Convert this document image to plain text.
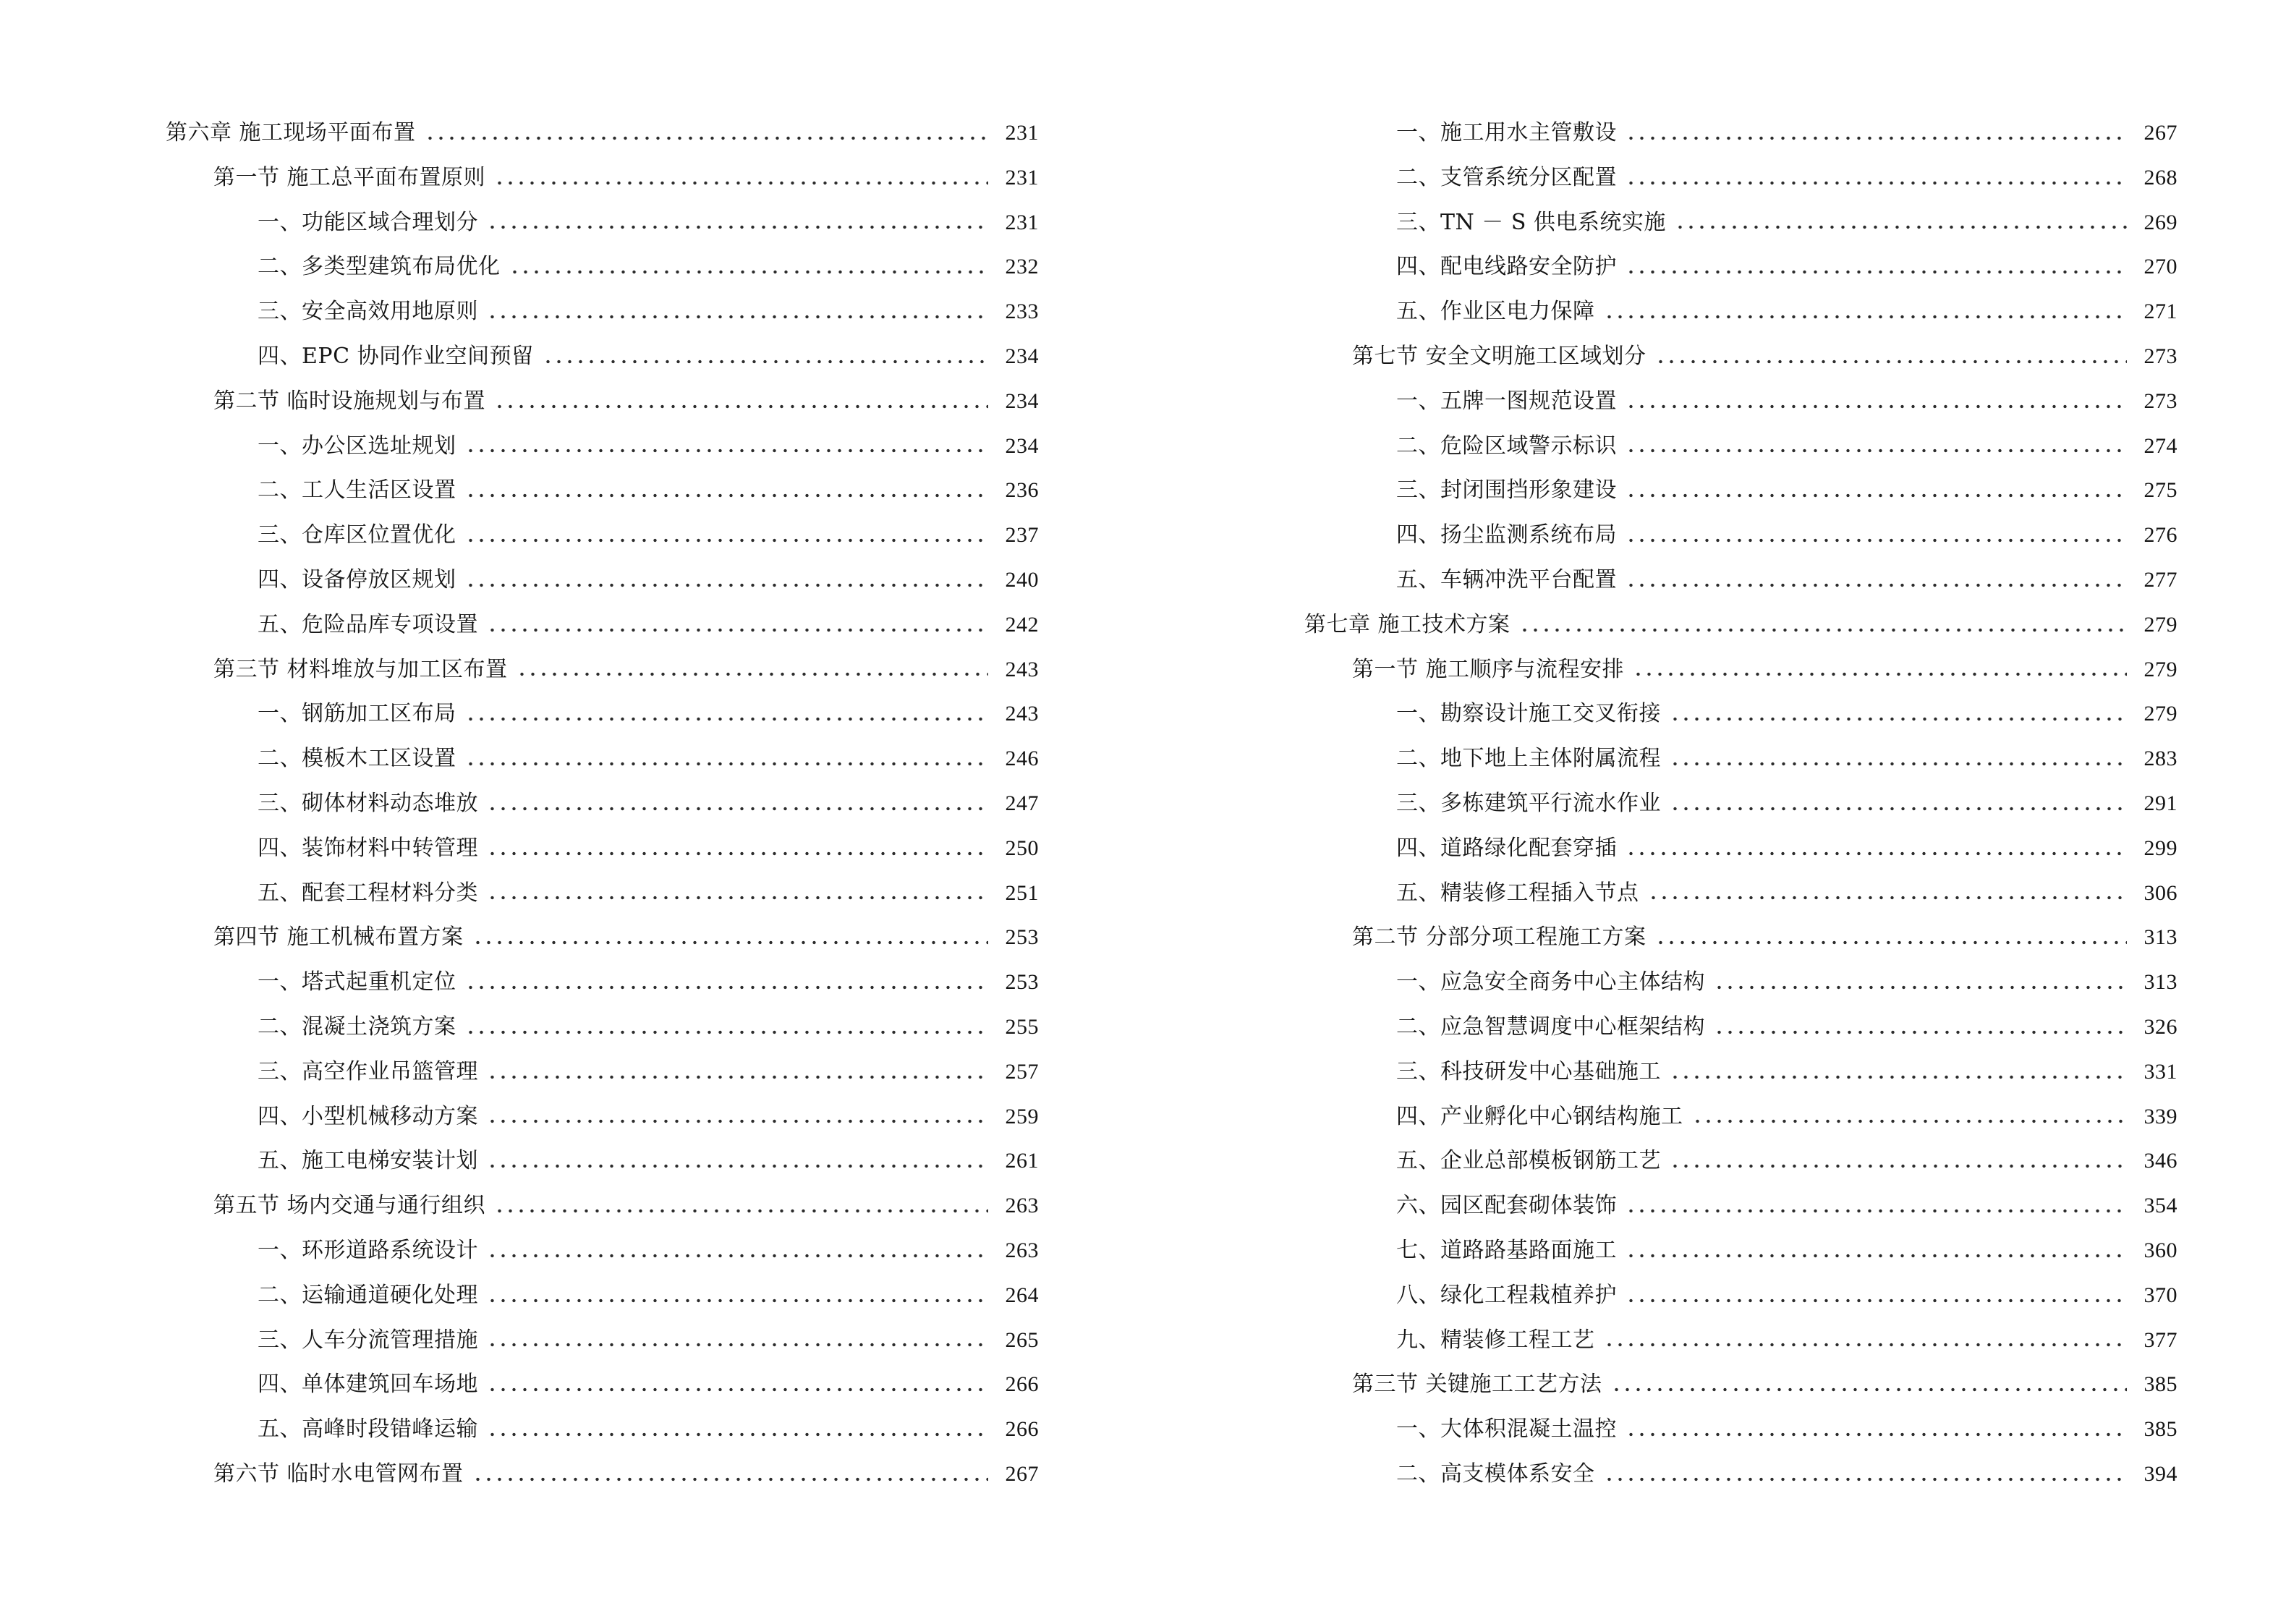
第六章 施工现场平面布置	231
第一节 施工总平面布置原则	231
一、功能区域合理划分	231
二、多类型建筑布局优化	232
三、安全高效用地原则	233
四、EPC 协同作业空间预留	234
第二节 临时设施规划与布置	234
一、办公区选址规划	234
二、工人生活区设置	236
三、仓库区位置优化	237
四、设备停放区规划	240
五、危险品库专项设置	242
第三节 材料堆放与加工区布置	243
一、钢筋加工区布局	243
二、模板木工区设置	246
三、砌体材料动态堆放	247
四、装饰材料中转管理	250
五、配套工程材料分类	251
第四节 施工机械布置方案	253
一、塔式起重机定位	253
二、混凝土浇筑方案	255
三、高空作业吊篮管理	257
四、小型机械移动方案	259
五、施工电梯安装计划	261
第五节 场内交通与通行组织	263
一、环形道路系统设计	263
二、运输通道硬化处理	264
三、人车分流管理措施	265
四、单体建筑回车场地	266
五、高峰时段错峰运输	266
第六节 临时水电管网布置	267
一、施工用水主管敷设	267
二、支管系统分区配置	268
三、TN － S 供电系统实施	269
四、配电线路安全防护	270
五、作业区电力保障	271
第七节 安全文明施工区域划分	273
一、五牌一图规范设置	273
二、危险区域警示标识	274
三、封闭围挡形象建设	275
四、扬尘监测系统布局	276
五、车辆冲洗平台配置	277
第七章 施工技术方案	279
第一节 施工顺序与流程安排	279
一、勘察设计施工交叉衔接	279
二、地下地上主体附属流程	283
三、多栋建筑平行流水作业	291
四、道路绿化配套穿插	299
五、精装修工程插入节点	306
第二节 分部分项工程施工方案	313
一、应急安全商务中心主体结构	313
二、应急智慧调度中心框架结构	326
三、科技研发中心基础施工	331
四、产业孵化中心钢结构施工	339
五、企业总部模板钢筋工艺	346
六、园区配套砌体装饰	354
七、道路路基路面施工	360
八、绿化工程栽植养护	370
九、精装修工程工艺	377
第三节 关键施工工艺方法	385
一、大体积混凝土温控	385
二、高支模体系安全	394
